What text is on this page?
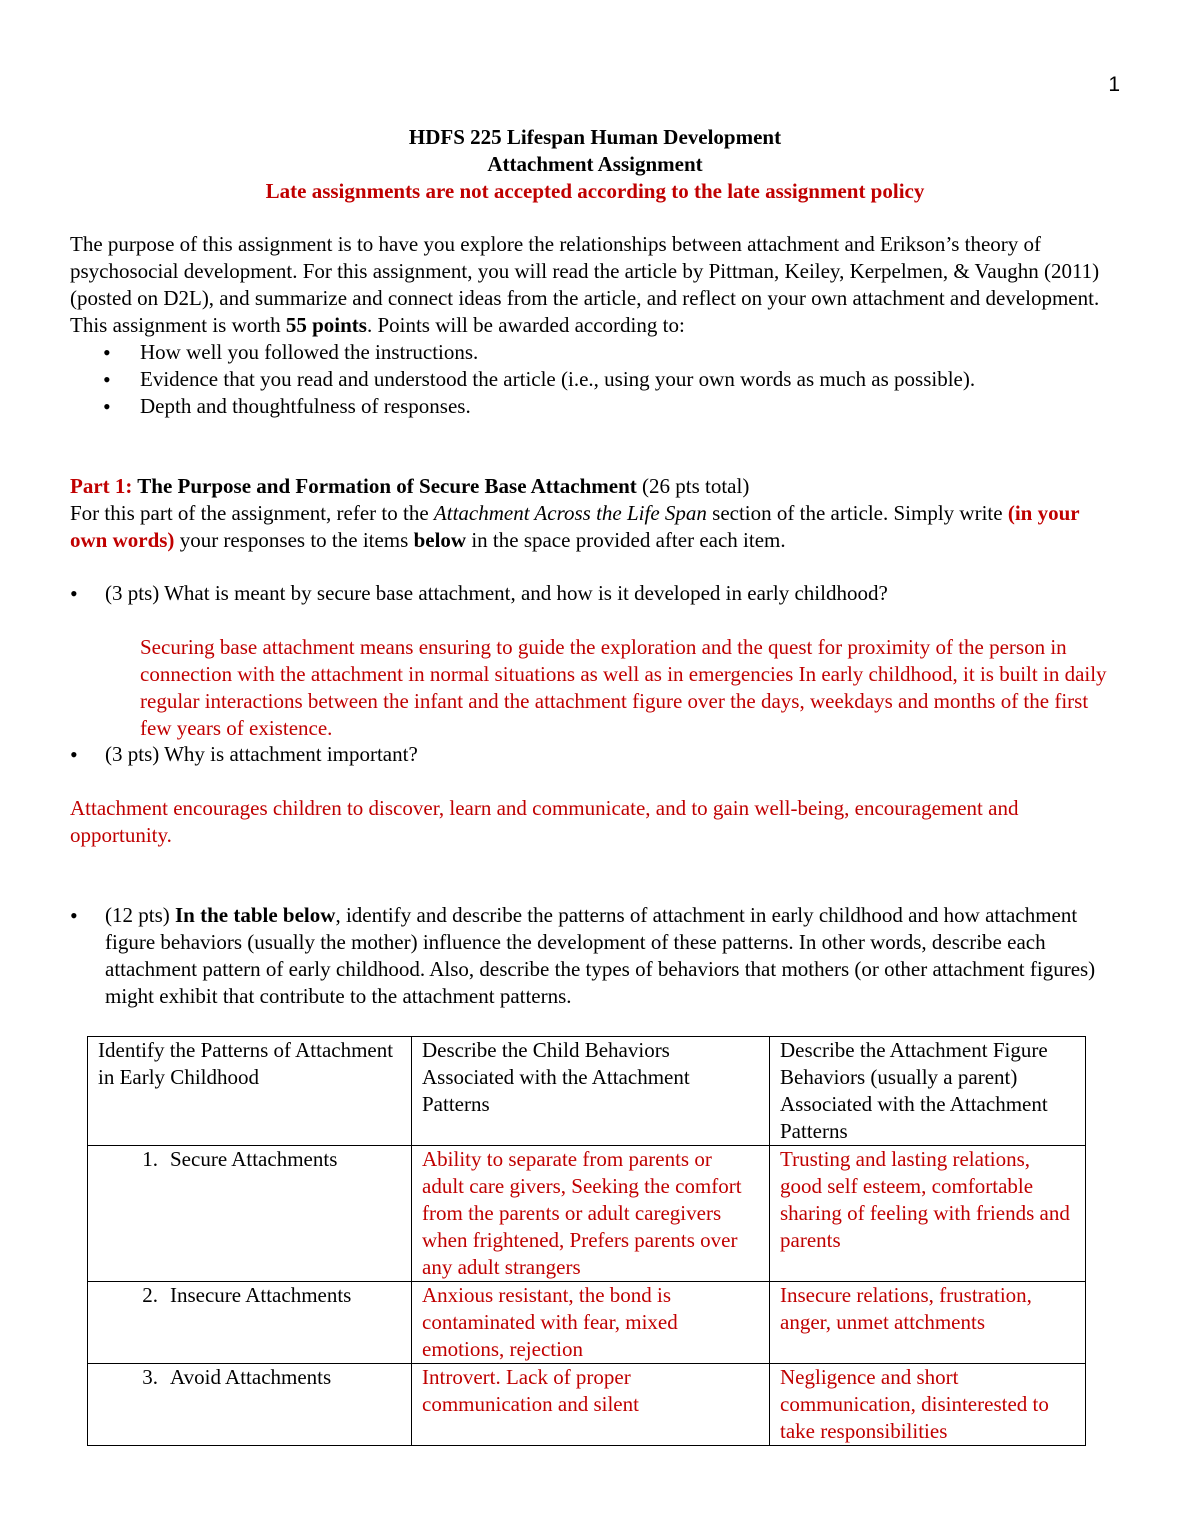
1
HDFS 225 Lifespan Human Development
Attachment Assignment
Late assignments are not accepted according to the late assignment policy
The purpose of this assignment is to have you explore the relationships between attachment and Erikson’s theory of psychosocial development. For this assignment, you will read the article by Pittman, Keiley, Kerpelmen, & Vaughn (2011) (posted on D2L), and summarize and connect ideas from the article, and reflect on your own attachment and development. This assignment is worth 55 points. Points will be awarded according to:
• How well you followed the instructions.
• Evidence that you read and understood the article (i.e., using your own words as much as possible).
• Depth and thoughtfulness of responses.
Part 1: The Purpose and Formation of Secure Base Attachment (26 pts total)
For this part of the assignment, refer to the Attachment Across the Life Span section of the article. Simply write (in your own words) your responses to the items below in the space provided after each item.
• (3 pts) What is meant by secure base attachment, and how is it developed in early childhood?
Securing base attachment means ensuring to guide the exploration and the quest for proximity of the person in connection with the attachment in normal situations as well as in emergencies In early childhood, it is built in daily regular interactions between the infant and the attachment figure over the days, weekdays and months of the first few years of existence.
• (3 pts) Why is attachment important?
Attachment encourages children to discover, learn and communicate, and to gain well-being, encouragement and opportunity.
• (12 pts) In the table below, identify and describe the patterns of attachment in early childhood and how attachment figure behaviors (usually the mother) influence the development of these patterns. In other words, describe each attachment pattern of early childhood. Also, describe the types of behaviors that mothers (or other attachment figures) might exhibit that contribute to the attachment patterns.
Identify the Patterns of Attachment in Early Childhood	Describe the Child Behaviors Associated with the Attachment Patterns	Describe the Attachment Figure Behaviors (usually a parent) Associated with the Attachment Patterns
1. Secure Attachments	Ability to separate from parents or adult care givers, Seeking the comfort from the parents or adult caregivers when frightened, Prefers parents over any adult strangers	Trusting and lasting relations, good self esteem, comfortable sharing of feeling with friends and parents
2. Insecure Attachments	Anxious resistant, the bond is contaminated with fear, mixed emotions, rejection	Insecure relations, frustration, anger, unmet attchments
3. Avoid Attachments	Introvert. Lack of proper communication and silent	Negligence and short communication, disinterested to take responsibilities
